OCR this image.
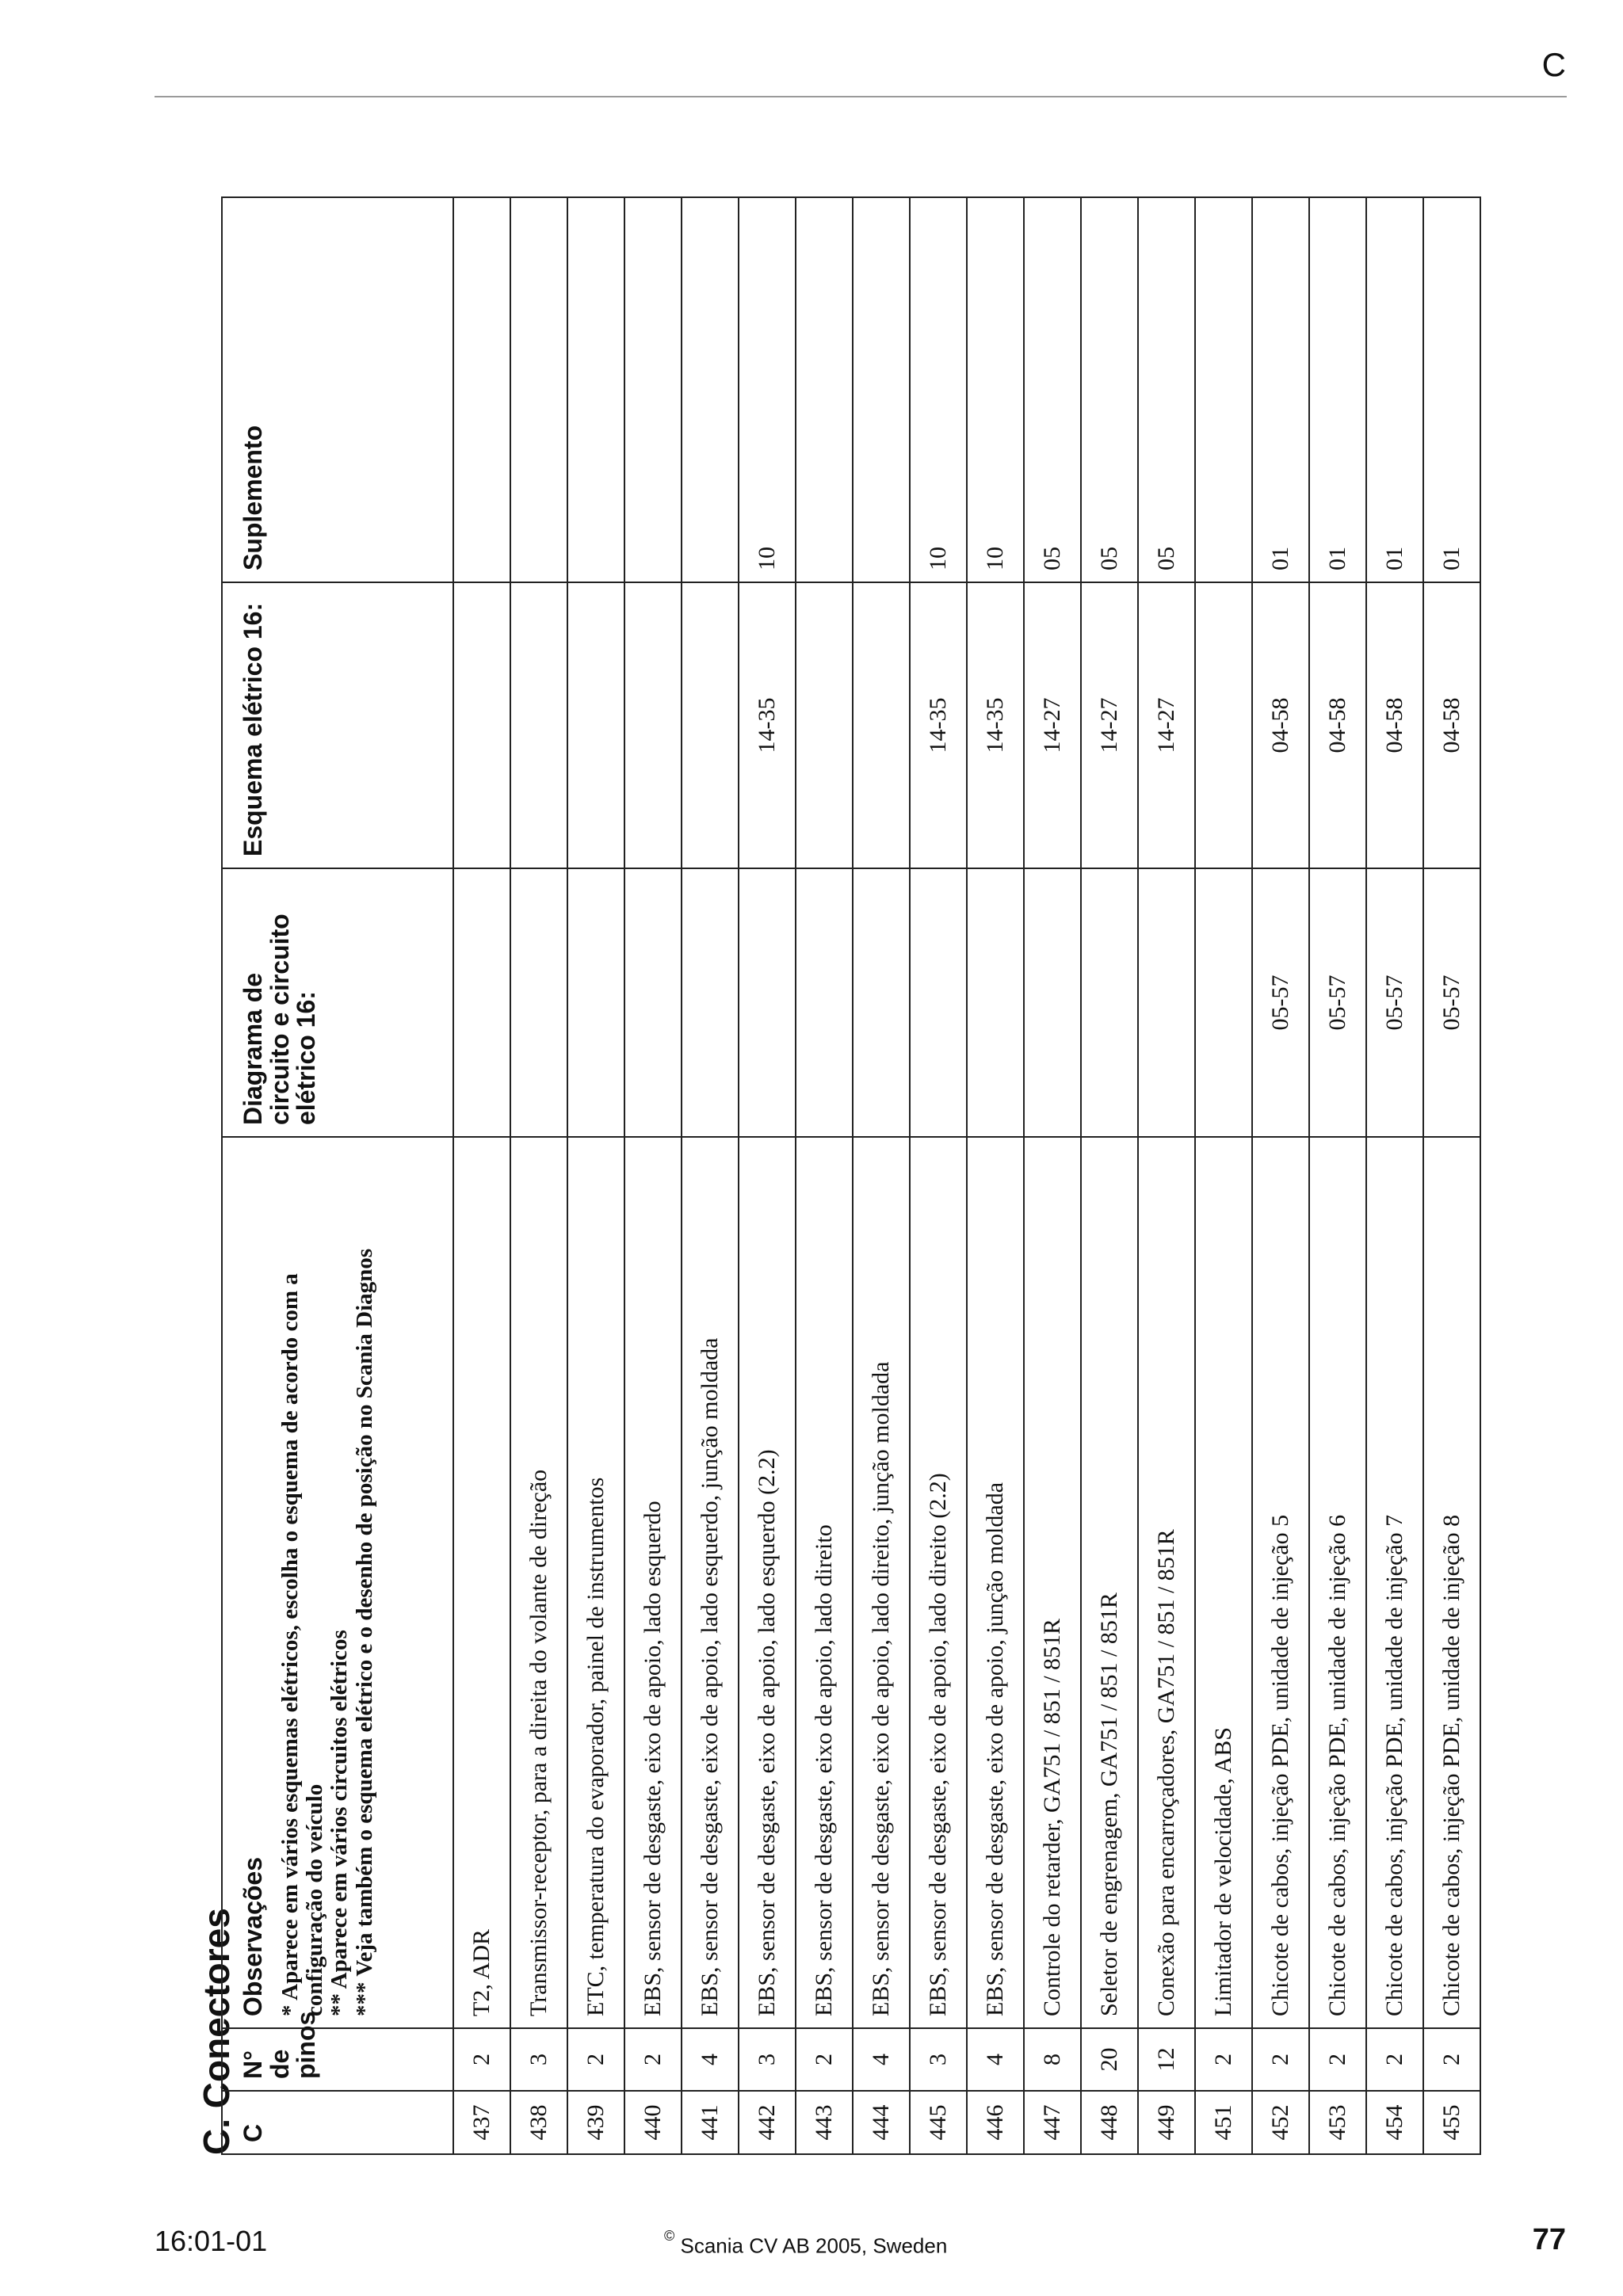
C
C. Conectores C	N° de pinos	Observações * Aparece em vários esquemas elétricos, escolha o esquema de acordo com a configuração do veículo ** Aparece em vários circuitos elétricos *** Veja também o esquema elétrico e o desenho de posição no Scania Diagnos	Diagrama de circuito e circuito elétrico 16:	Esquema elétrico 16:	Suplemento
437	2	T2, ADR			
438	3	Transmissor-receptor, para a direita do volante de direção			
439	2	ETC, temperatura do evaporador, painel de instrumentos			
440	2	EBS, sensor de desgaste, eixo de apoio, lado esquerdo			
441	4	EBS, sensor de desgaste, eixo de apoio, lado esquerdo, junção moldada			
442	3	EBS, sensor de desgaste, eixo de apoio, lado esquerdo (2.2)		14-35	10
443	2	EBS, sensor de desgaste, eixo de apoio, lado direito			
444	4	EBS, sensor de desgaste, eixo de apoio, lado direito, junção moldada			
445	3	EBS, sensor de desgaste, eixo de apoio, lado direito (2.2)		14-35	10
446	4	EBS, sensor de desgaste, eixo de apoio, junção moldada		14-35	10
447	8	Controle do retarder, GA751 / 851 / 851R		14-27	05
448	20	Seletor de engrenagem, GA751 / 851 / 851R		14-27	05
449	12	Conexão para encarroçadores, GA751 / 851 / 851R		14-27	05
451	2	Limitador de velocidade, ABS			
452	2	Chicote de cabos, injeção PDE, unidade de injeção 5	05-57	04-58	01
453	2	Chicote de cabos, injeção PDE, unidade de injeção 6	05-57	04-58	01
454	2	Chicote de cabos, injeção PDE, unidade de injeção 7	05-57	04-58	01
455	2	Chicote de cabos, injeção PDE, unidade de injeção 8	05-57	04-58	01
16:01-01	© Scania CV AB 2005, Sweden	77
